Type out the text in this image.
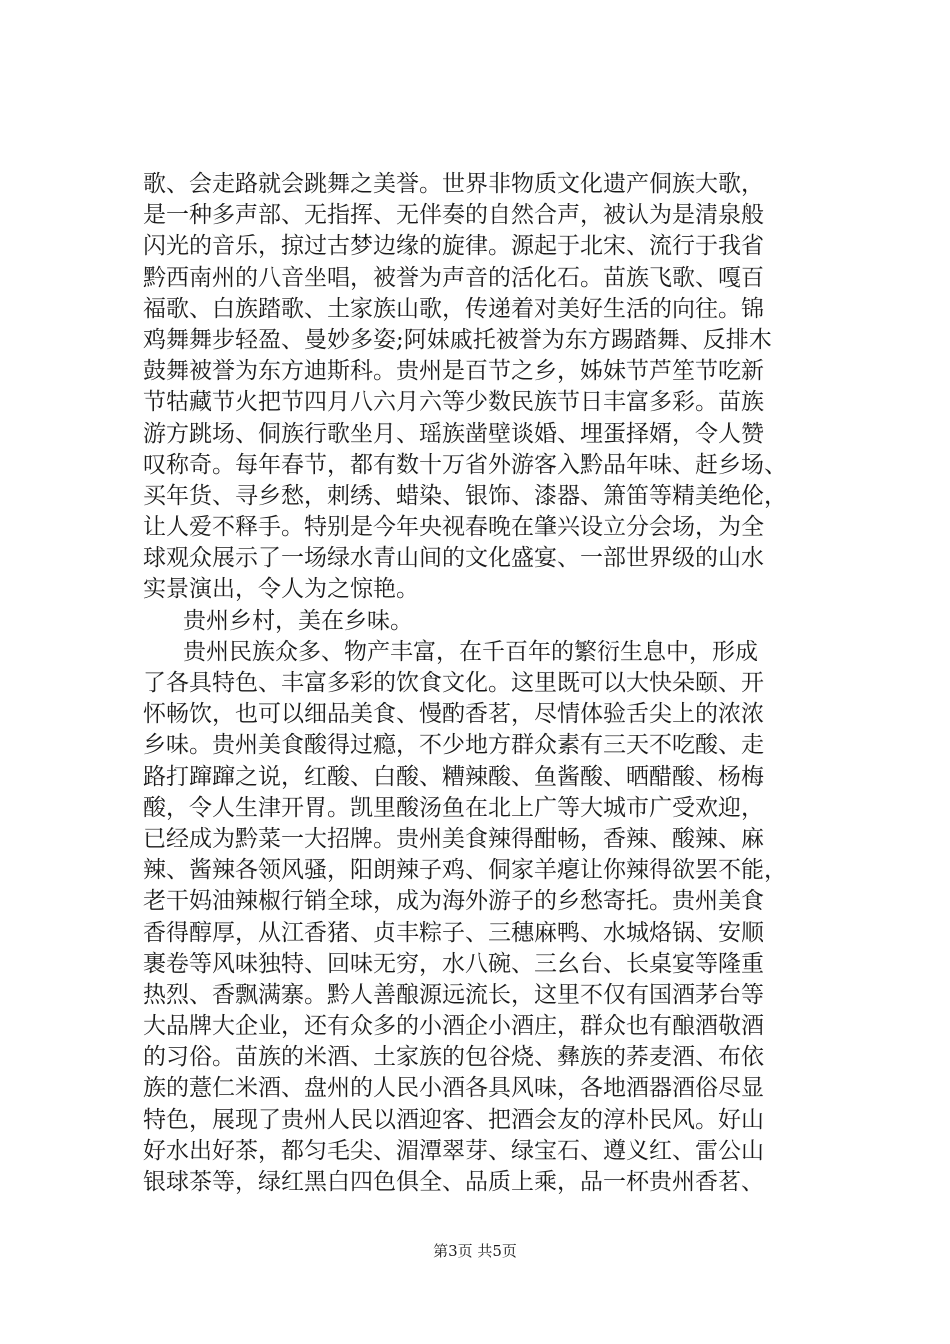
歌、会走路就会跳舞之美誉。世界非物质文化遗产侗族大歌，
是一种多声部、无指挥、无伴奏的自然合声，被认为是清泉般
闪光的音乐，掠过古梦边缘的旋律。源起于北宋、流行于我省
黔西南州的八音坐唱，被誉为声音的活化石。苗族飞歌、嘎百
福歌、白族踏歌、土家族山歌，传递着对美好生活的向往。锦
鸡舞舞步轻盈、曼妙多姿;阿妹戚托被誉为东方踢踏舞、反排木
鼓舞被誉为东方迪斯科。贵州是百节之乡，姊妹节芦笙节吃新
节牯藏节火把节四月八六月六等少数民族节日丰富多彩。苗族
游方跳场、侗族行歌坐月、瑶族凿壁谈婚、埋蛋择婿，令人赞
叹称奇。每年春节，都有数十万省外游客入黔品年味、赶乡场、
买年货、寻乡愁，刺绣、蜡染、银饰、漆器、箫笛等精美绝伦，
让人爱不释手。特别是今年央视春晚在肇兴设立分会场，为全
球观众展示了一场绿水青山间的文化盛宴、一部世界级的山水
实景演出，令人为之惊艳。
贵州乡村，美在乡味。
贵州民族众多、物产丰富，在千百年的繁衍生息中，形成
了各具特色、丰富多彩的饮食文化。这里既可以大快朵颐、开
怀畅饮，也可以细品美食、慢酌香茗，尽情体验舌尖上的浓浓
乡味。贵州美食酸得过瘾，不少地方群众素有三天不吃酸、走
路打蹿蹿之说，红酸、白酸、糟辣酸、鱼酱酸、晒醋酸、杨梅
酸，令人生津开胃。凯里酸汤鱼在北上广等大城市广受欢迎，
已经成为黔菜一大招牌。贵州美食辣得酣畅，香辣、酸辣、麻
辣、酱辣各领风骚，阳朗辣子鸡、侗家羊瘪让你辣得欲罢不能，
老干妈油辣椒行销全球，成为海外游子的乡愁寄托。贵州美食
香得醇厚，从江香猪、贞丰粽子、三穗麻鸭、水城烙锅、安顺
裹卷等风味独特、回味无穷，水八碗、三幺台、长桌宴等隆重
热烈、香飘满寨。黔人善酿源远流长，这里不仅有国酒茅台等
大品牌大企业，还有众多的小酒企小酒庄，群众也有酿酒敬酒
的习俗。苗族的米酒、土家族的包谷烧、彝族的荞麦酒、布依
族的薏仁米酒、盘州的人民小酒各具风味，各地酒器酒俗尽显
特色，展现了贵州人民以酒迎客、把酒会友的淳朴民风。好山
好水出好茶，都匀毛尖、湄潭翠芽、绿宝石、遵义红、雷公山
银球茶等，绿红黑白四色俱全、品质上乘，品一杯贵州香茗、
第3页 共5页
